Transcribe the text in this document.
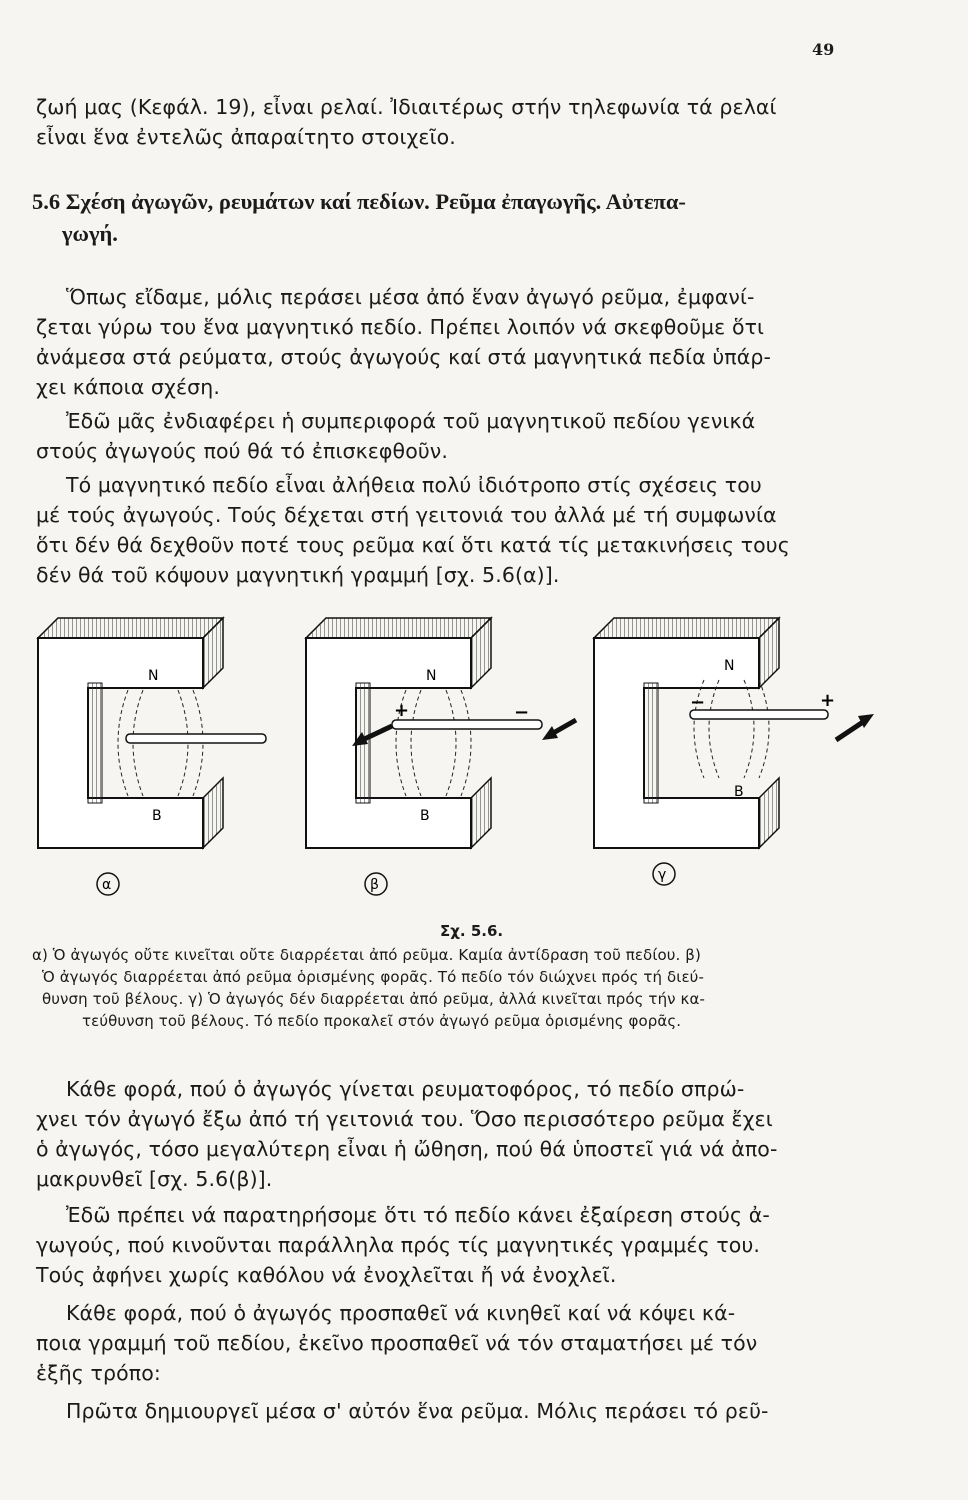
49
ζωή μας (Κεφάλ. 19), εἶναι ρελαί. Ἰδιαιτέρως στήν τηλεφωνία τά ρελαί
εἶναι ἕνα ἐντελῶς ἀπαραίτητο στοιχεῖο.
5.6 Σχέση ἀγωγῶν, ρευμάτων καί πεδίων. Ρεῦμα ἐπαγωγῆς. Αὐτεπα-
γωγή.
Ὅπως εἴδαμε, μόλις περάσει μέσα ἀπό ἕναν ἀγωγό ρεῦμα, ἐμφανί-
ζεται γύρω του ἕνα μαγνητικό πεδίο. Πρέπει λοιπόν νά σκεφθοῦμε ὅτι
ἀνάμεσα στά ρεύματα, στούς ἀγωγούς καί στά μαγνητικά πεδία ὑπάρ-
χει κάποια σχέση.
Ἐδῶ μᾶς ἐνδιαφέρει ἡ συμπεριφορά τοῦ μαγνητικοῦ πεδίου γενικά
στούς ἀγωγούς πού θά τό ἐπισκεφθοῦν.
Τό μαγνητικό πεδίο εἶναι ἀλήθεια πολύ ἰδιότροπο στίς σχέσεις του
μέ τούς ἀγωγούς. Τούς δέχεται στή γειτονιά του ἀλλά μέ τή συμφωνία
ὅτι δέν θά δεχθοῦν ποτέ τους ρεῦμα καί ὅτι κατά τίς μετακινήσεις τους
δέν θά τοῦ κόψουν μαγνητική γραμμή [σχ. 5.6(α)].
N
B
α
N
B
+	−
β
N
B
−	+
γ
Σχ. 5.6.
α) Ὁ ἀγωγός οὔτε κινεῖται οὔτε διαρρέεται ἀπό ρεῦμα. Καμία ἀντίδραση τοῦ πεδίου. β)
Ὁ ἀγωγός διαρρέεται ἀπό ρεῦμα ὁρισμένης φορᾶς. Τό πεδίο τόν διώχνει πρός τή διεύ-
θυνση τοῦ βέλους. γ) Ὁ ἀγωγός δέν διαρρέεται ἀπό ρεῦμα, ἀλλά κινεῖται πρός τήν κα-
τεύθυνση τοῦ βέλους. Τό πεδίο προκαλεῖ στόν ἀγωγό ρεῦμα ὁρισμένης φορᾶς.
Κάθε φορά, πού ὁ ἀγωγός γίνεται ρευματοφόρος, τό πεδίο σπρώ-
χνει τόν ἀγωγό ἔξω ἀπό τή γειτονιά του. Ὅσο περισσότερο ρεῦμα ἔχει
ὁ ἀγωγός, τόσο μεγαλύτερη εἶναι ἡ ὤθηση, πού θά ὑποστεῖ γιά νά ἀπο-
μακρυνθεῖ [σχ. 5.6(β)].
Ἐδῶ πρέπει νά παρατηρήσομε ὅτι τό πεδίο κάνει ἐξαίρεση στούς ἀ-
γωγούς, πού κινοῦνται παράλληλα πρός τίς μαγνητικές γραμμές του.
Τούς ἀφήνει χωρίς καθόλου νά ἐνοχλεῖται ἤ νά ἐνοχλεῖ.
Κάθε φορά, πού ὁ ἀγωγός προσπαθεῖ νά κινηθεῖ καί νά κόψει κά-
ποια γραμμή τοῦ πεδίου, ἐκεῖνο προσπαθεῖ νά τόν σταματήσει μέ τόν
ἑξῆς τρόπο:
Πρῶτα δημιουργεῖ μέσα σ' αὐτόν ἕνα ρεῦμα. Μόλις περάσει τό ρεῦ-
